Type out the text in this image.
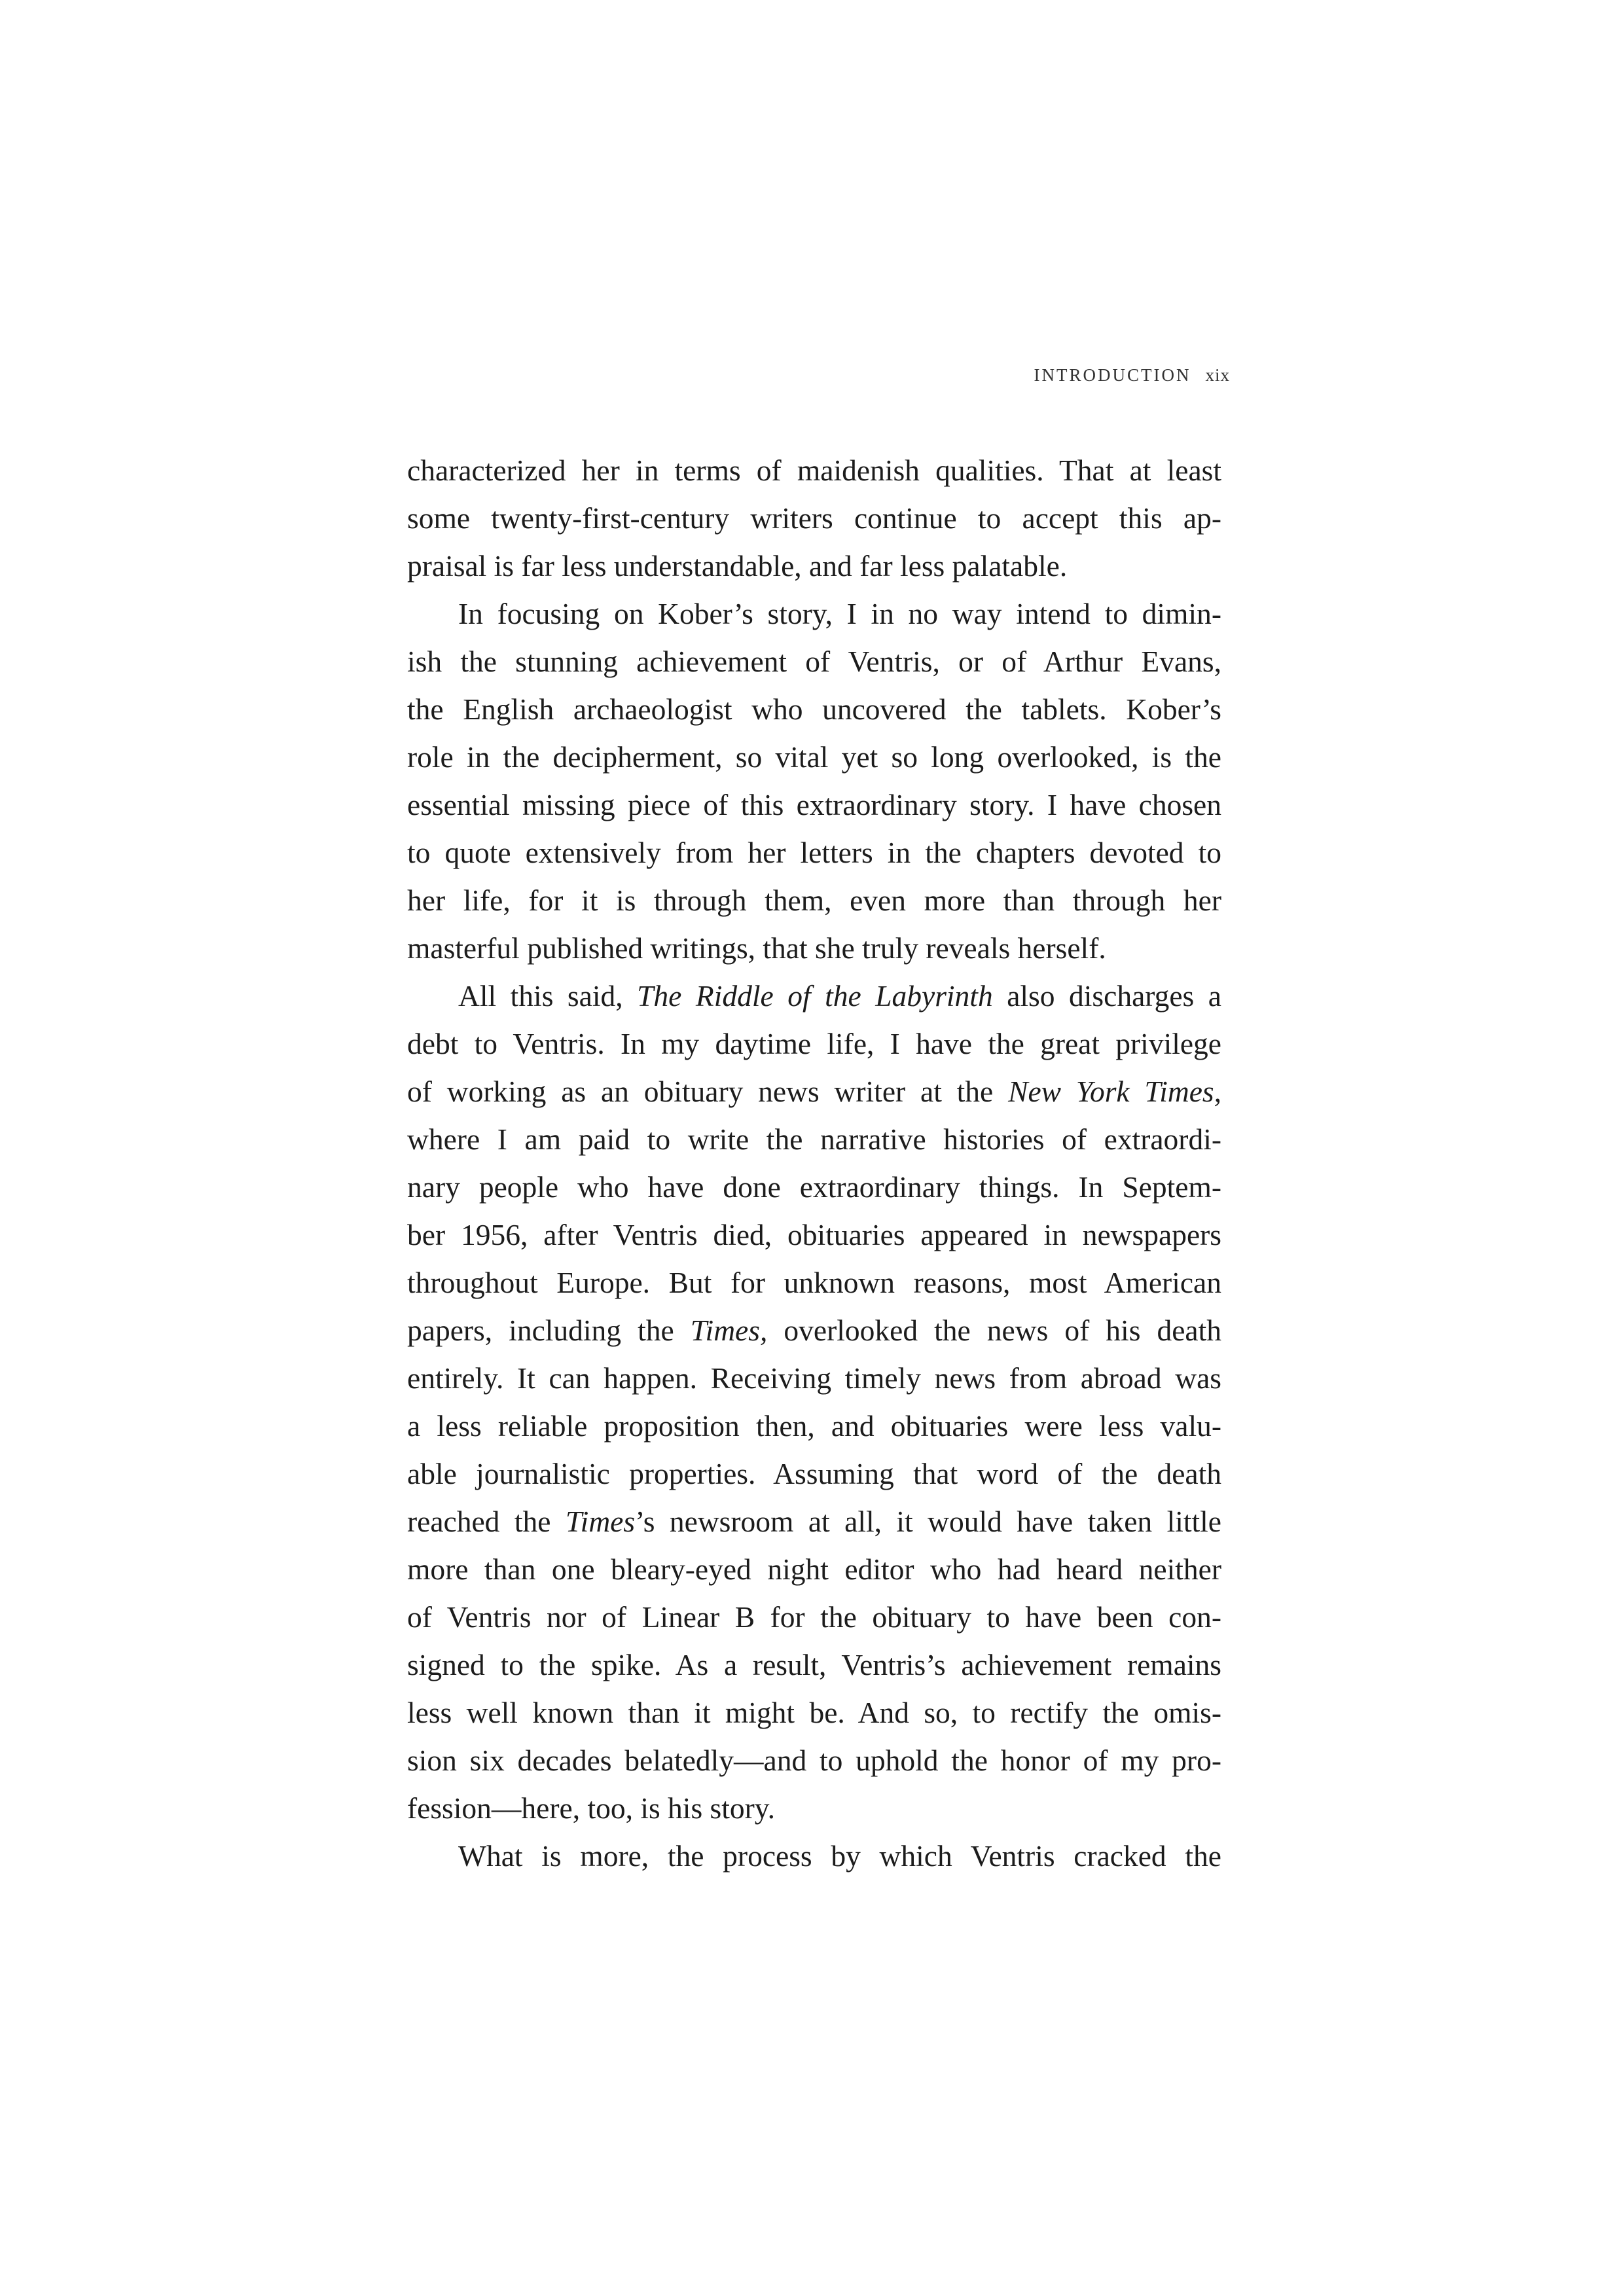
INTRODUCTION xix
characterized her in terms of maidenish qualities. That at least
some twenty-first-century writers continue to accept this ap-
praisal is far less understandable, and far less palatable.
In focusing on Kober’s story, I in no way intend to dimin-
ish the stunning achievement of Ventris, or of Arthur Evans,
the English archaeologist who uncovered the tablets. Kober’s
role in the decipherment, so vital yet so long overlooked, is the
essential missing piece of this extraordinary story. I have chosen
to quote extensively from her letters in the chapters devoted to
her life, for it is through them, even more than through her
masterful published writings, that she truly reveals herself.
All this said, The Riddle of the Labyrinth also discharges a
debt to Ventris. In my daytime life, I have the great privilege
of working as an obituary news writer at the New York Times,
where I am paid to write the narrative histories of extraordi-
nary people who have done extraordinary things. In Septem-
ber 1956, after Ventris died, obituaries appeared in newspapers
throughout Europe. But for unknown reasons, most American
papers, including the Times, overlooked the news of his death
entirely. It can happen. Receiving timely news from abroad was
a less reliable proposition then, and obituaries were less valu-
able journalistic properties. Assuming that word of the death
reached the Times’s newsroom at all, it would have taken little
more than one bleary-eyed night editor who had heard neither
of Ventris nor of Linear B for the obituary to have been con-
signed to the spike. As a result, Ventris’s achievement remains
less well known than it might be. And so, to rectify the omis-
sion six decades belatedly—and to uphold the honor of my pro-
fession—here, too, is his story.
What is more, the process by which Ventris cracked the
